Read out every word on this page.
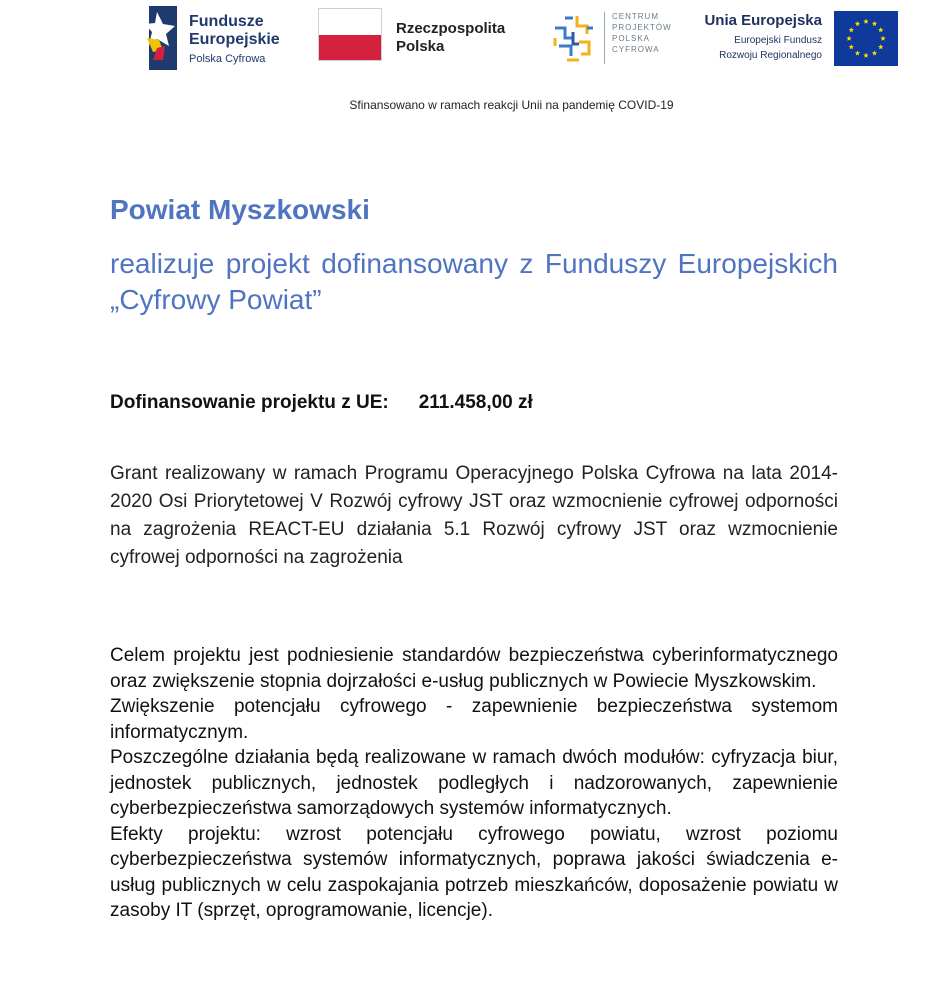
Fundusze
Europejskie
Polska Cyfrowa
Rzeczpospolita
Polska
CENTRUM
PROJEKTÓW
POLSKA
CYFROWA
Unia Europejska
Europejski Fundusz
Rozwoju Regionalnego
Sfinansowano w ramach reakcji Unii na pandemię COVID-19
Powiat Myszkowski
realizuje projekt dofinansowany z Funduszy Europejskich „Cyfrowy Powiat”
Dofinansowanie projektu z UE: 211.458,00 zł
Grant realizowany w ramach Programu Operacyjnego Polska Cyfrowa na lata 2014-2020 Osi Priorytetowej V Rozwój cyfrowy JST oraz wzmocnienie cyfrowej odporności na zagrożenia REACT-EU działania 5.1 Rozwój cyfrowy JST oraz wzmocnienie cyfrowej odporności na zagrożenia

Celem projektu jest podniesienie standardów bezpieczeństwa cyberinformatycznego oraz zwiększenie stopnia dojrzałości e-usług publicznych w Powiecie Myszkowskim.

Zwiększenie potencjału cyfrowego - zapewnienie bezpieczeństwa systemom informatycznym.

Poszczególne działania będą realizowane w ramach dwóch modułów: cyfryzacja biur, jednostek publicznych, jednostek podległych i nadzorowanych, zapewnienie cyberbezpieczeństwa samorządowych systemów informatycznych.

Efekty projektu: wzrost potencjału cyfrowego powiatu, wzrost poziomu cyberbezpieczeństwa systemów informatycznych, poprawa jakości świadczenia e-usług publicznych w celu zaspokajania potrzeb mieszkańców, doposażenie powiatu w zasoby IT (sprzęt, oprogramowanie, licencje).
